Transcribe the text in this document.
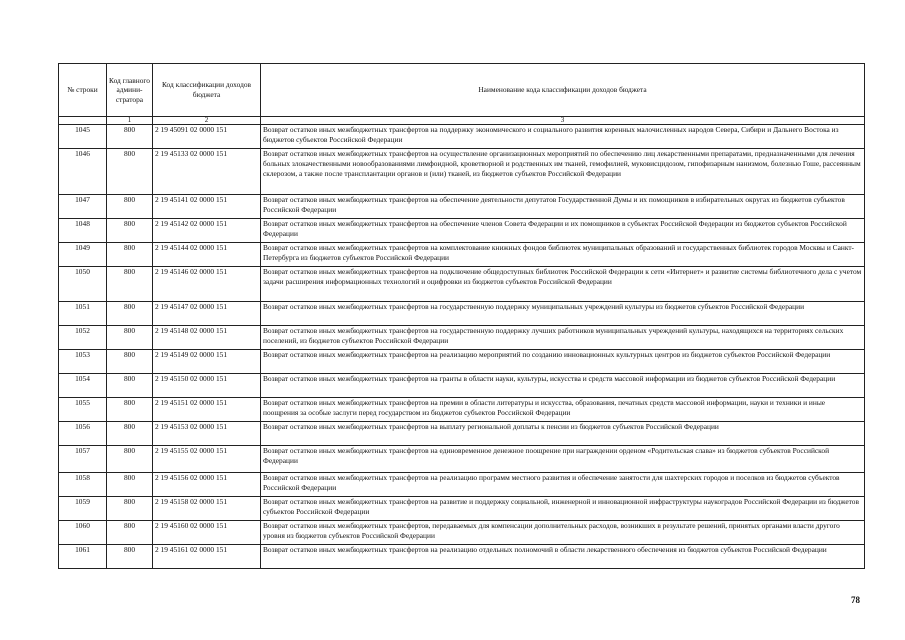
№ строки	Код главного админи-стратора	Код классификации доходов бюджета	Наименование кода классификации доходов бюджета
	1	2	3
1045	800	2 19 45091 02 0000 151	Возврат остатков иных межбюджетных трансфертов на поддержку экономического и социального развития коренных малочисленных народов Севера, Сибири и Дальнего Востока из бюджетов субъектов Российской Федерации
1046	800	2 19 45133 02 0000 151	Возврат остатков иных межбюджетных трансфертов на осуществление организационных мероприятий по обеспечению лиц лекарственными препаратами, предназначенными для лечения больных злокачественными новообразованиями лимфоидной, кроветворной и родственных им тканей, гемофилией, муковисцидозом, гипофизарным нанизмом, болезнью Гоше, рассеянным склерозом, а также после трансплантации органов и (или) тканей, из бюджетов субъектов Российской Федерации
1047	800	2 19 45141 02 0000 151	Возврат остатков иных межбюджетных трансфертов на обеспечение деятельности депутатов Государственной Думы и их помощников в избирательных округах из бюджетов субъектов Российской Федерации
1048	800	2 19 45142 02 0000 151	Возврат остатков иных межбюджетных трансфертов на обеспечение членов Совета Федерации и их помощников в субъектах Российской Федерации из бюджетов субъектов Российской Федерации
1049	800	2 19 45144 02 0000 151	Возврат остатков иных межбюджетных трансфертов на комплектование книжных фондов библиотек муниципальных образований и государственных библиотек городов Москвы и Санкт-Петербурга из бюджетов субъектов Российской Федерации
1050	800	2 19 45146 02 0000 151	Возврат остатков иных межбюджетных трансфертов на подключение общедоступных библиотек Российской Федерации к сети «Интернет» и развитие системы библиотечного дела с учетом задачи расширения информационных технологий и оцифровки из бюджетов субъектов Российской Федерации
1051	800	2 19 45147 02 0000 151	Возврат остатков иных межбюджетных трансфертов на государственную поддержку муниципальных учреждений культуры из бюджетов субъектов Российской Федерации
1052	800	2 19 45148 02 0000 151	Возврат остатков иных межбюджетных трансфертов на государственную поддержку лучших работников муниципальных учреждений культуры, находящихся на территориях сельских поселений, из бюджетов субъектов Российской Федерации
1053	800	2 19 45149 02 0000 151	Возврат остатков иных межбюджетных трансфертов на реализацию мероприятий по созданию инновационных культурных центров из бюджетов субъектов Российской Федерации
1054	800	2 19 45150 02 0000 151	Возврат остатков иных межбюджетных трансфертов на гранты в области науки, культуры, искусства и средств массовой информации из бюджетов субъектов Российской Федерации
1055	800	2 19 45151 02 0000 151	Возврат остатков иных межбюджетных трансфертов на премии в области литературы и искусства, образования, печатных средств массовой информации, науки и техники и иные поощрения за особые заслуги перед государством из бюджетов субъектов Российской Федерации
1056	800	2 19 45153 02 0000 151	Возврат остатков иных межбюджетных трансфертов на выплату региональной доплаты к пенсии из бюджетов субъектов Российской Федерации
1057	800	2 19 45155 02 0000 151	Возврат остатков иных межбюджетных трансфертов на единовременное денежное поощрение при награждении орденом «Родительская слава» из бюджетов субъектов Российской Федерации
1058	800	2 19 45156 02 0000 151	Возврат остатков иных межбюджетных трансфертов на реализацию программ местного развития и обеспечение занятости для шахтерских городов и поселков из бюджетов субъектов Российской Федерации
1059	800	2 19 45158 02 0000 151	Возврат остатков иных межбюджетных трансфертов на развитие и поддержку социальной, инженерной и инновационной инфраструктуры наукоградов Российской Федерации из бюджетов субъектов Российской Федерации
1060	800	2 19 45160 02 0000 151	Возврат остатков иных межбюджетных трансфертов, передаваемых для компенсации дополнительных расходов, возникших в результате решений, принятых органами власти другого уровня из бюджетов субъектов Российской Федерации
1061	800	2 19 45161 02 0000 151	Возврат остатков иных межбюджетных трансфертов на реализацию отдельных полномочий в области лекарственного обеспечения из бюджетов субъектов Российской Федерации
78
